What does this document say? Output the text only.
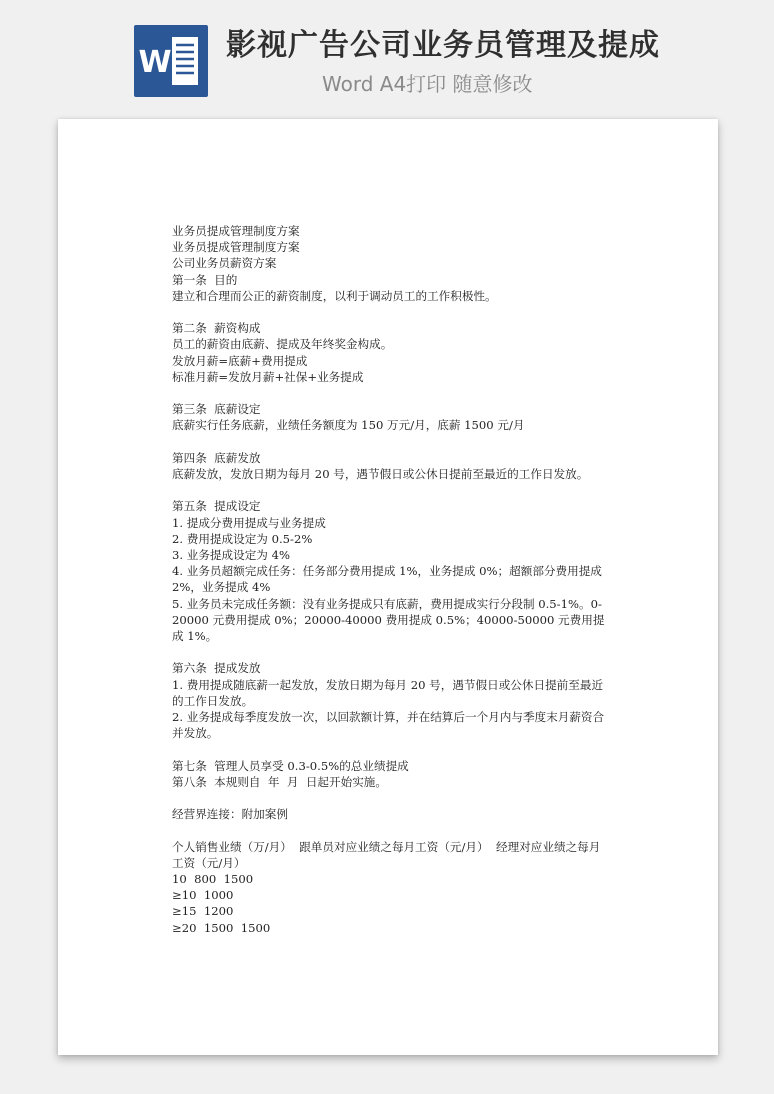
W 影视广告公司业务员管理及提成
Word A4打印 随意修改
业务员提成管理制度方案
业务员提成管理制度方案
公司业务员薪资方案
第一条  目的
建立和合理而公正的薪资制度，以利于调动员工的工作积极性。
第二条  薪资构成
员工的薪资由底薪、提成及年终奖金构成。
发放月薪=底薪+费用提成
标准月薪=发放月薪+社保+业务提成
第三条  底薪设定
底薪实行任务底薪，业绩任务额度为 150 万元/月，底薪 1500 元/月
第四条  底薪发放
底薪发放，发放日期为每月 20 号，遇节假日或公休日提前至最近的工作日发放。
第五条  提成设定
1. 提成分费用提成与业务提成
2. 费用提成设定为 0.5-2%
3. 业务提成设定为 4%
4. 业务员超额完成任务：任务部分费用提成 1%，业务提成 0%；超额部分费用提成 2%，业务提成 4%
5. 业务员未完成任务额：没有业务提成只有底薪，费用提成实行分段制 0.5-1%。0-20000 元费用提成 0%；20000-40000 费用提成 0.5%；40000-50000 元费用提成 1%。
第六条  提成发放
1. 费用提成随底薪一起发放，发放日期为每月 20 号，遇节假日或公休日提前至最近的工作日发放。
2. 业务提成每季度发放一次，以回款额计算，并在结算后一个月内与季度末月薪资合并发放。
第七条  管理人员享受 0.3-0.5%的总业绩提成
第八条  本规则自  年  月  日起开始实施。
经营界连接：附加案例
个人销售业绩（万/月）  跟单员对应业绩之每月工资（元/月）  经理对应业绩之每月工资（元/月）
10  800  1500
≥10  1000
≥15  1200
≥20  1500  1500
